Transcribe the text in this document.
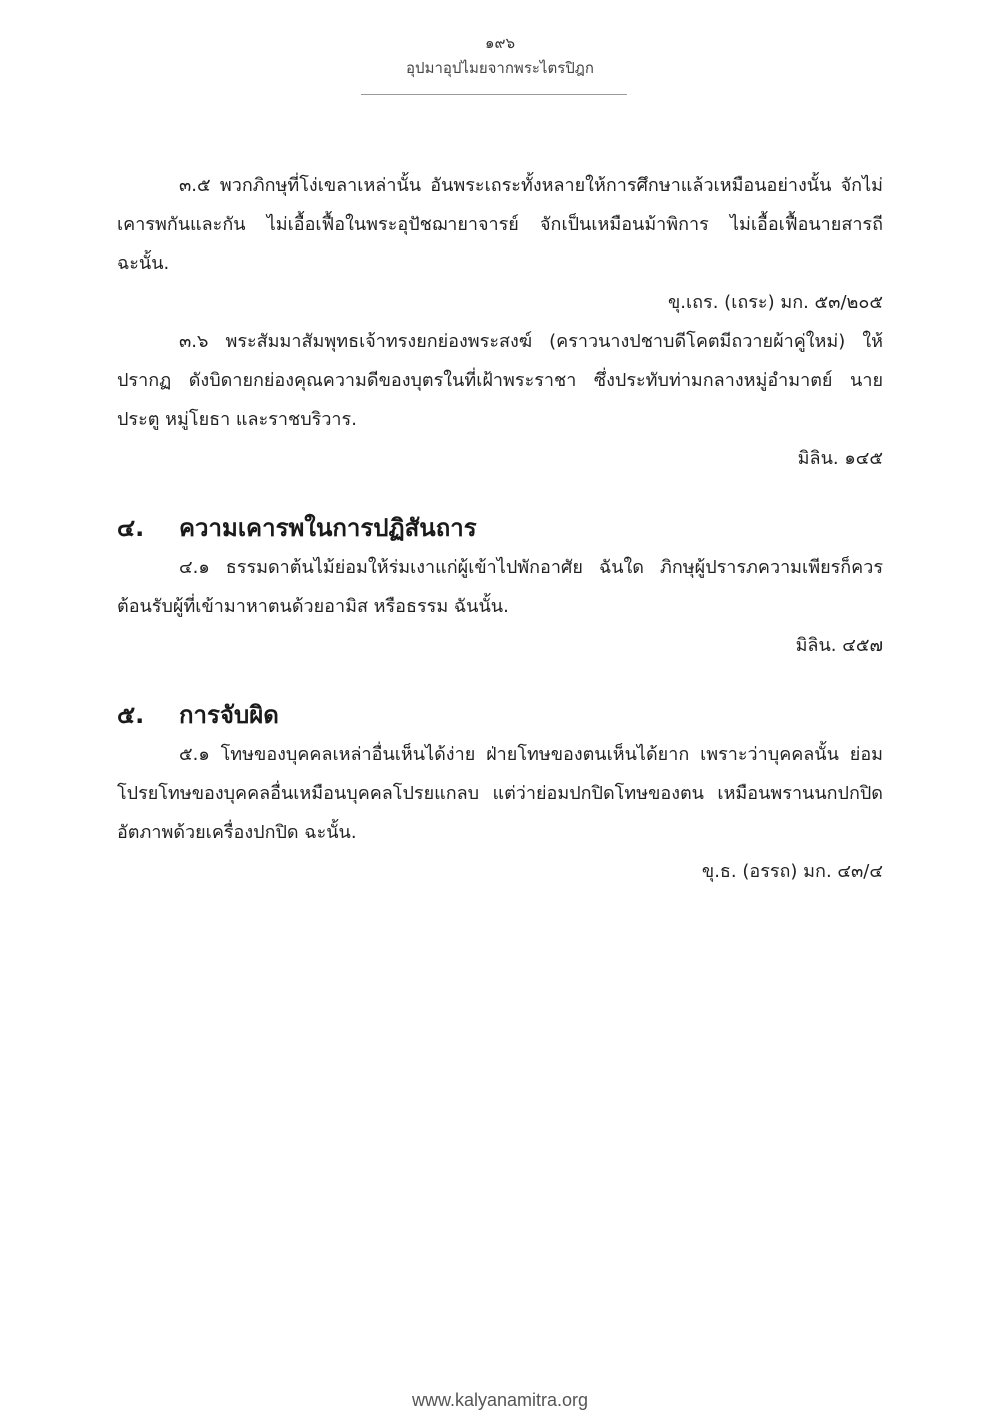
๑๙๖
อุปมาอุปไมยจากพระไตรปิฎก

๓.๕ พวกภิกษุที่โง่เขลาเหล่านั้น อันพระเถระทั้งหลายให้การศึกษาแล้วเหมือนอย่างนั้น จักไม่เคารพกันและกัน ไม่เอื้อเฟื้อในพระอุปัชฌายาจารย์ จักเป็นเหมือนม้าพิการ ไม่เอื้อเฟื้อนายสารถี ฉะนั้น.

ขุ.เถร. (เถระ) มก. ๕๓/๒๐๕

๓.๖ พระสัมมาสัมพุทธเจ้าทรงยกย่องพระสงฆ์ (คราวนางปชาบดีโคตมีถวายผ้าคู่ใหม่) ให้ปรากฏ ดังบิดายกย่องคุณความดีของบุตรในที่เฝ้าพระราชา ซึ่งประทับท่ามกลางหมู่อำมาตย์ นายประตู หมู่โยธา และราชบริวาร.

มิลิน. ๑๔๕

๔.	ความเคารพในการปฏิสันถาร

๔.๑ ธรรมดาต้นไม้ย่อมให้ร่มเงาแก่ผู้เข้าไปพักอาศัย ฉันใด ภิกษุผู้ปรารภความเพียรก็ควรต้อนรับผู้ที่เข้ามาหาตนด้วยอามิส หรือธรรม ฉันนั้น.

มิลิน. ๔๕๗

๕.	การจับผิด

๕.๑ โทษของบุคคลเหล่าอื่นเห็นได้ง่าย ฝ่ายโทษของตนเห็นได้ยาก เพราะว่าบุคคลนั้น ย่อมโปรยโทษของบุคคลอื่นเหมือนบุคคลโปรยแกลบ แต่ว่าย่อมปกปิดโทษของตน เหมือนพรานนกปกปิดอัตภาพด้วยเครื่องปกปิด ฉะนั้น.

ขุ.ธ. (อรรถ) มก. ๔๓/๔

www.kalyanamitra.org
